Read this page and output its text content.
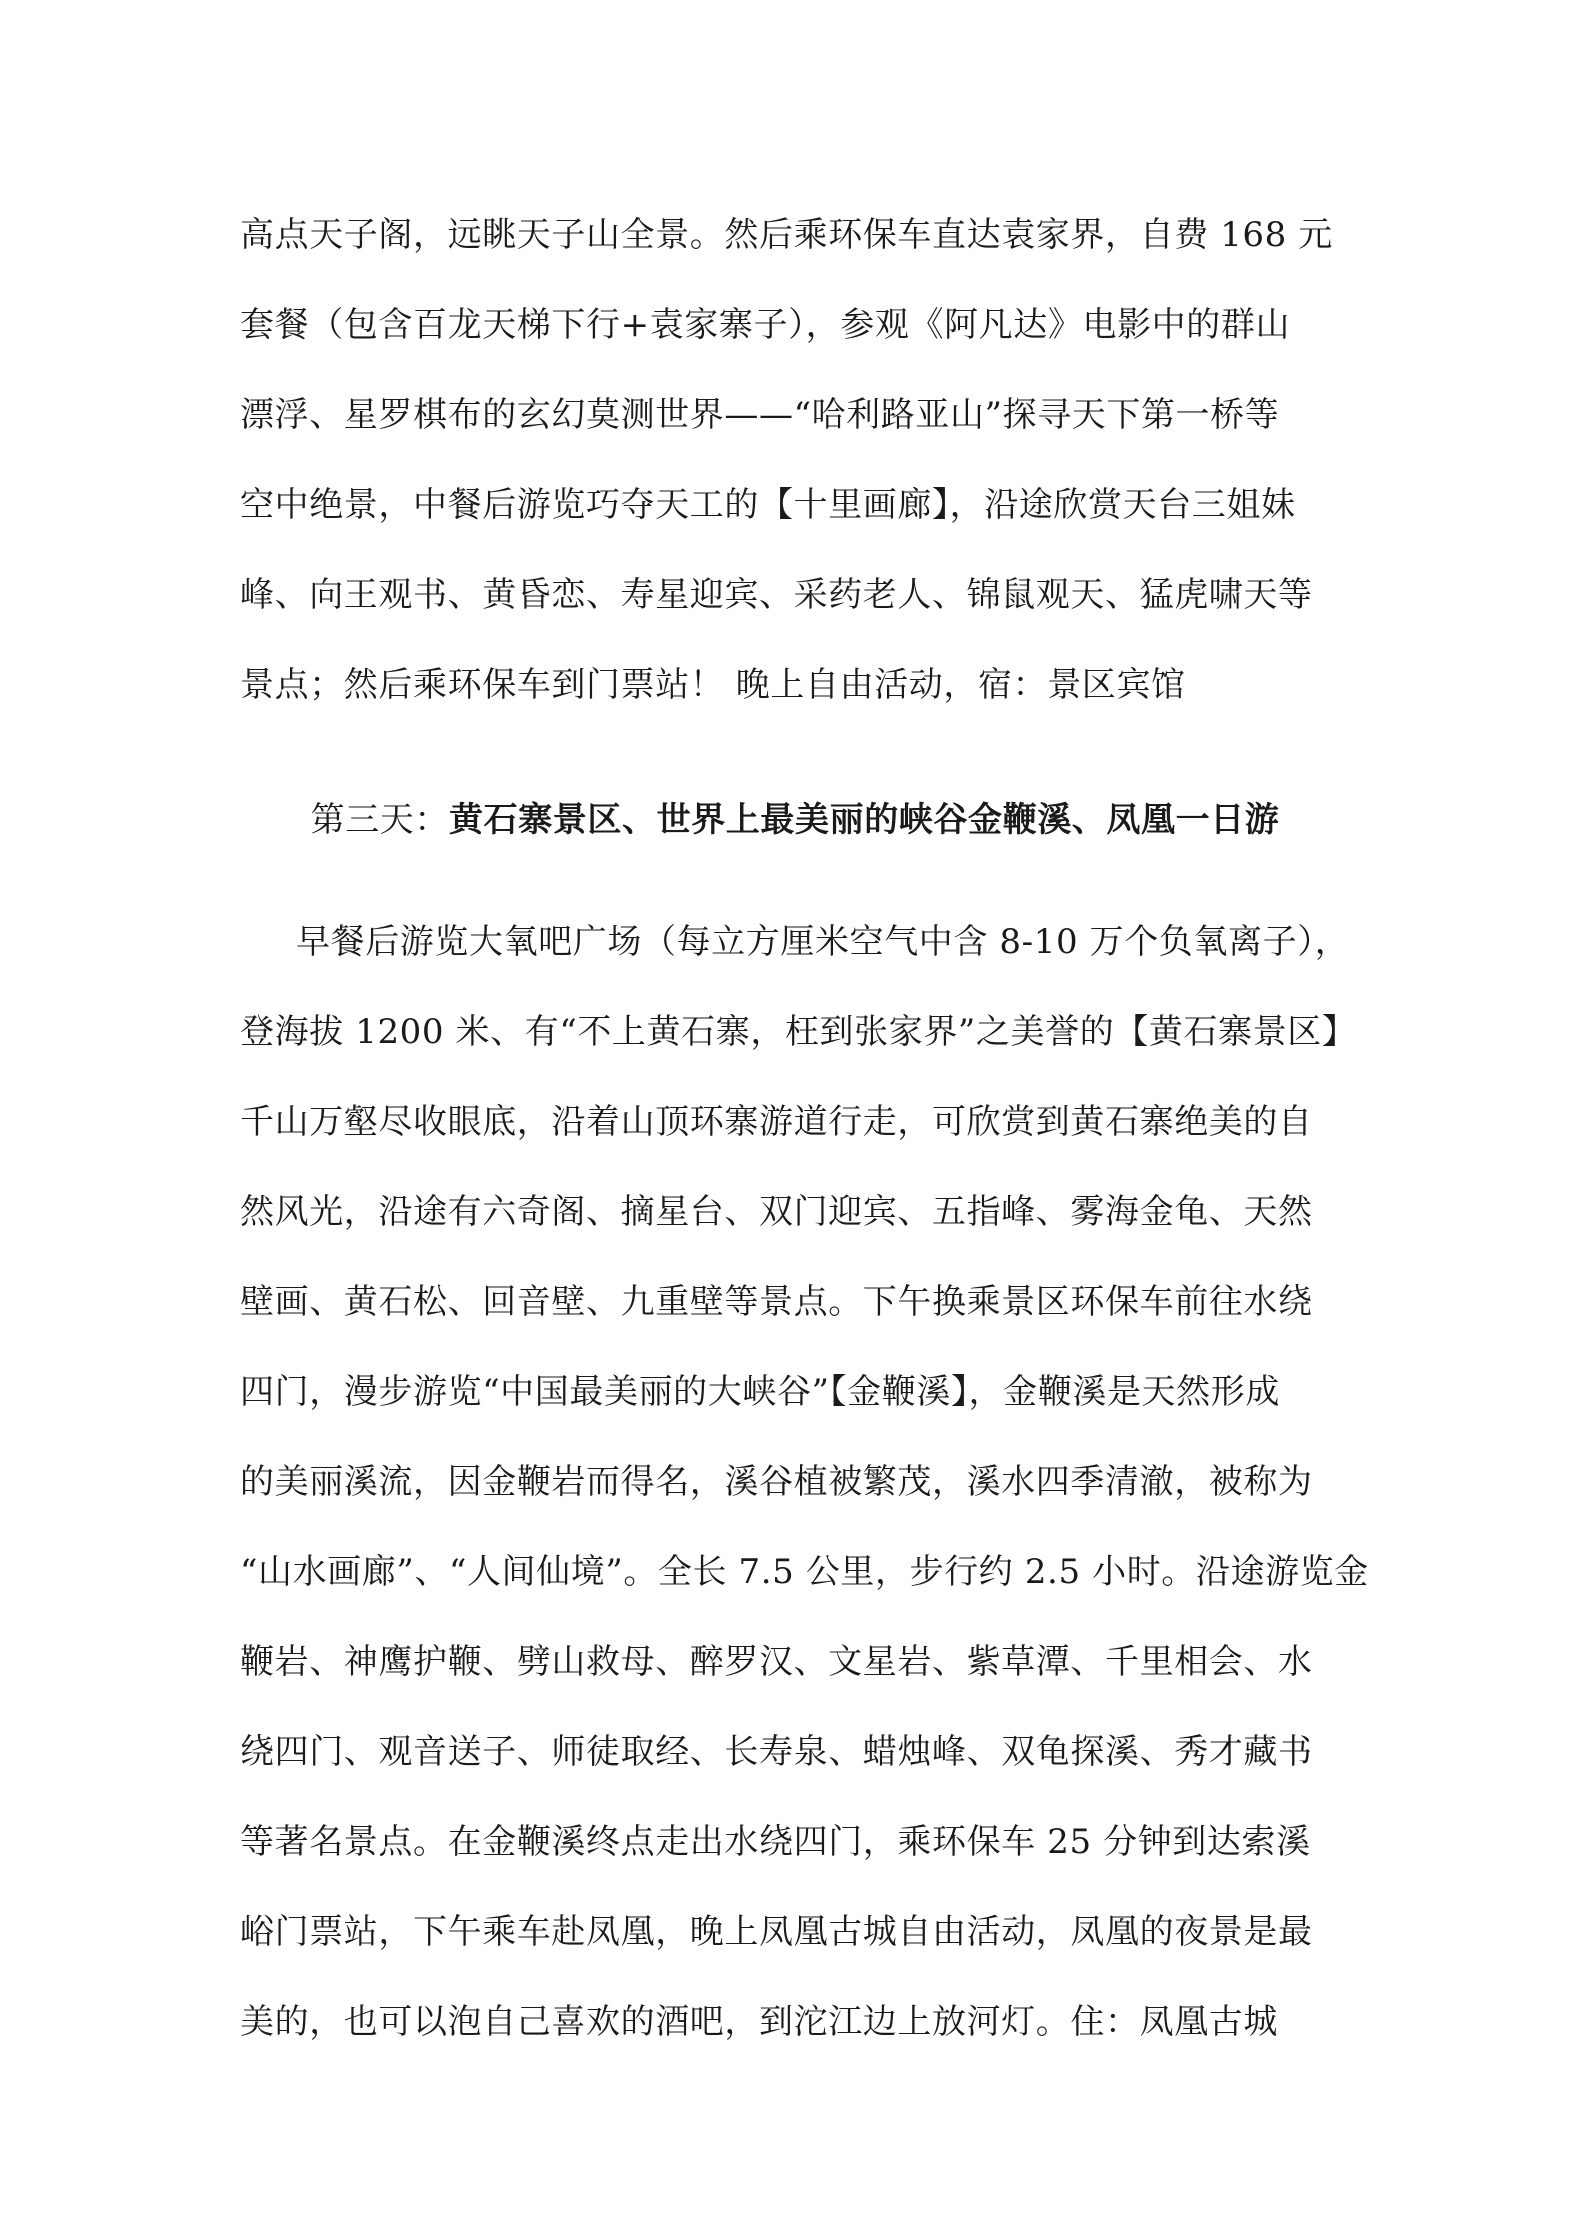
高点天子阁，远眺天子山全景。然后乘环保车直达袁家界，自费 168 元
套餐（包含百龙天梯下行+袁家寨子），参观《阿凡达》电影中的群山
漂浮、星罗棋布的玄幻莫测世界——“哈利路亚山”探寻天下第一桥等
空中绝景，中餐后游览巧夺天工的【十里画廊】，沿途欣赏天台三姐妹
峰、向王观书、黄昏恋、寿星迎宾、采药老人、锦鼠观天、猛虎啸天等
景点；然后乘环保车到门票站！ 晚上自由活动，宿：景区宾馆

第三天：黄石寨景区、世界上最美丽的峡谷金鞭溪、凤凰一日游

早餐后游览大氧吧广场（每立方厘米空气中含 8-10 万个负氧离子），
登海拔 1200 米、有“不上黄石寨，枉到张家界”之美誉的【黄石寨景区】
千山万壑尽收眼底，沿着山顶环寨游道行走，可欣赏到黄石寨绝美的自
然风光，沿途有六奇阁、摘星台、双门迎宾、五指峰、雾海金龟、天然
壁画、黄石松、回音壁、九重壁等景点。下午换乘景区环保车前往水绕
四门，漫步游览“中国最美丽的大峡谷”【金鞭溪】，金鞭溪是天然形成
的美丽溪流，因金鞭岩而得名，溪谷植被繁茂，溪水四季清澈，被称为
“山水画廊”、“人间仙境”。全长 7.5 公里，步行约 2.5 小时。沿途游览金
鞭岩、神鹰护鞭、劈山救母、醉罗汉、文星岩、紫草潭、千里相会、水
绕四门、观音送子、师徒取经、长寿泉、蜡烛峰、双龟探溪、秀才藏书
等著名景点。在金鞭溪终点走出水绕四门，乘环保车 25 分钟到达索溪
峪门票站，下午乘车赴凤凰，晚上凤凰古城自由活动，凤凰的夜景是最
美的，也可以泡自己喜欢的酒吧，到沱江边上放河灯。住：凤凰古城
